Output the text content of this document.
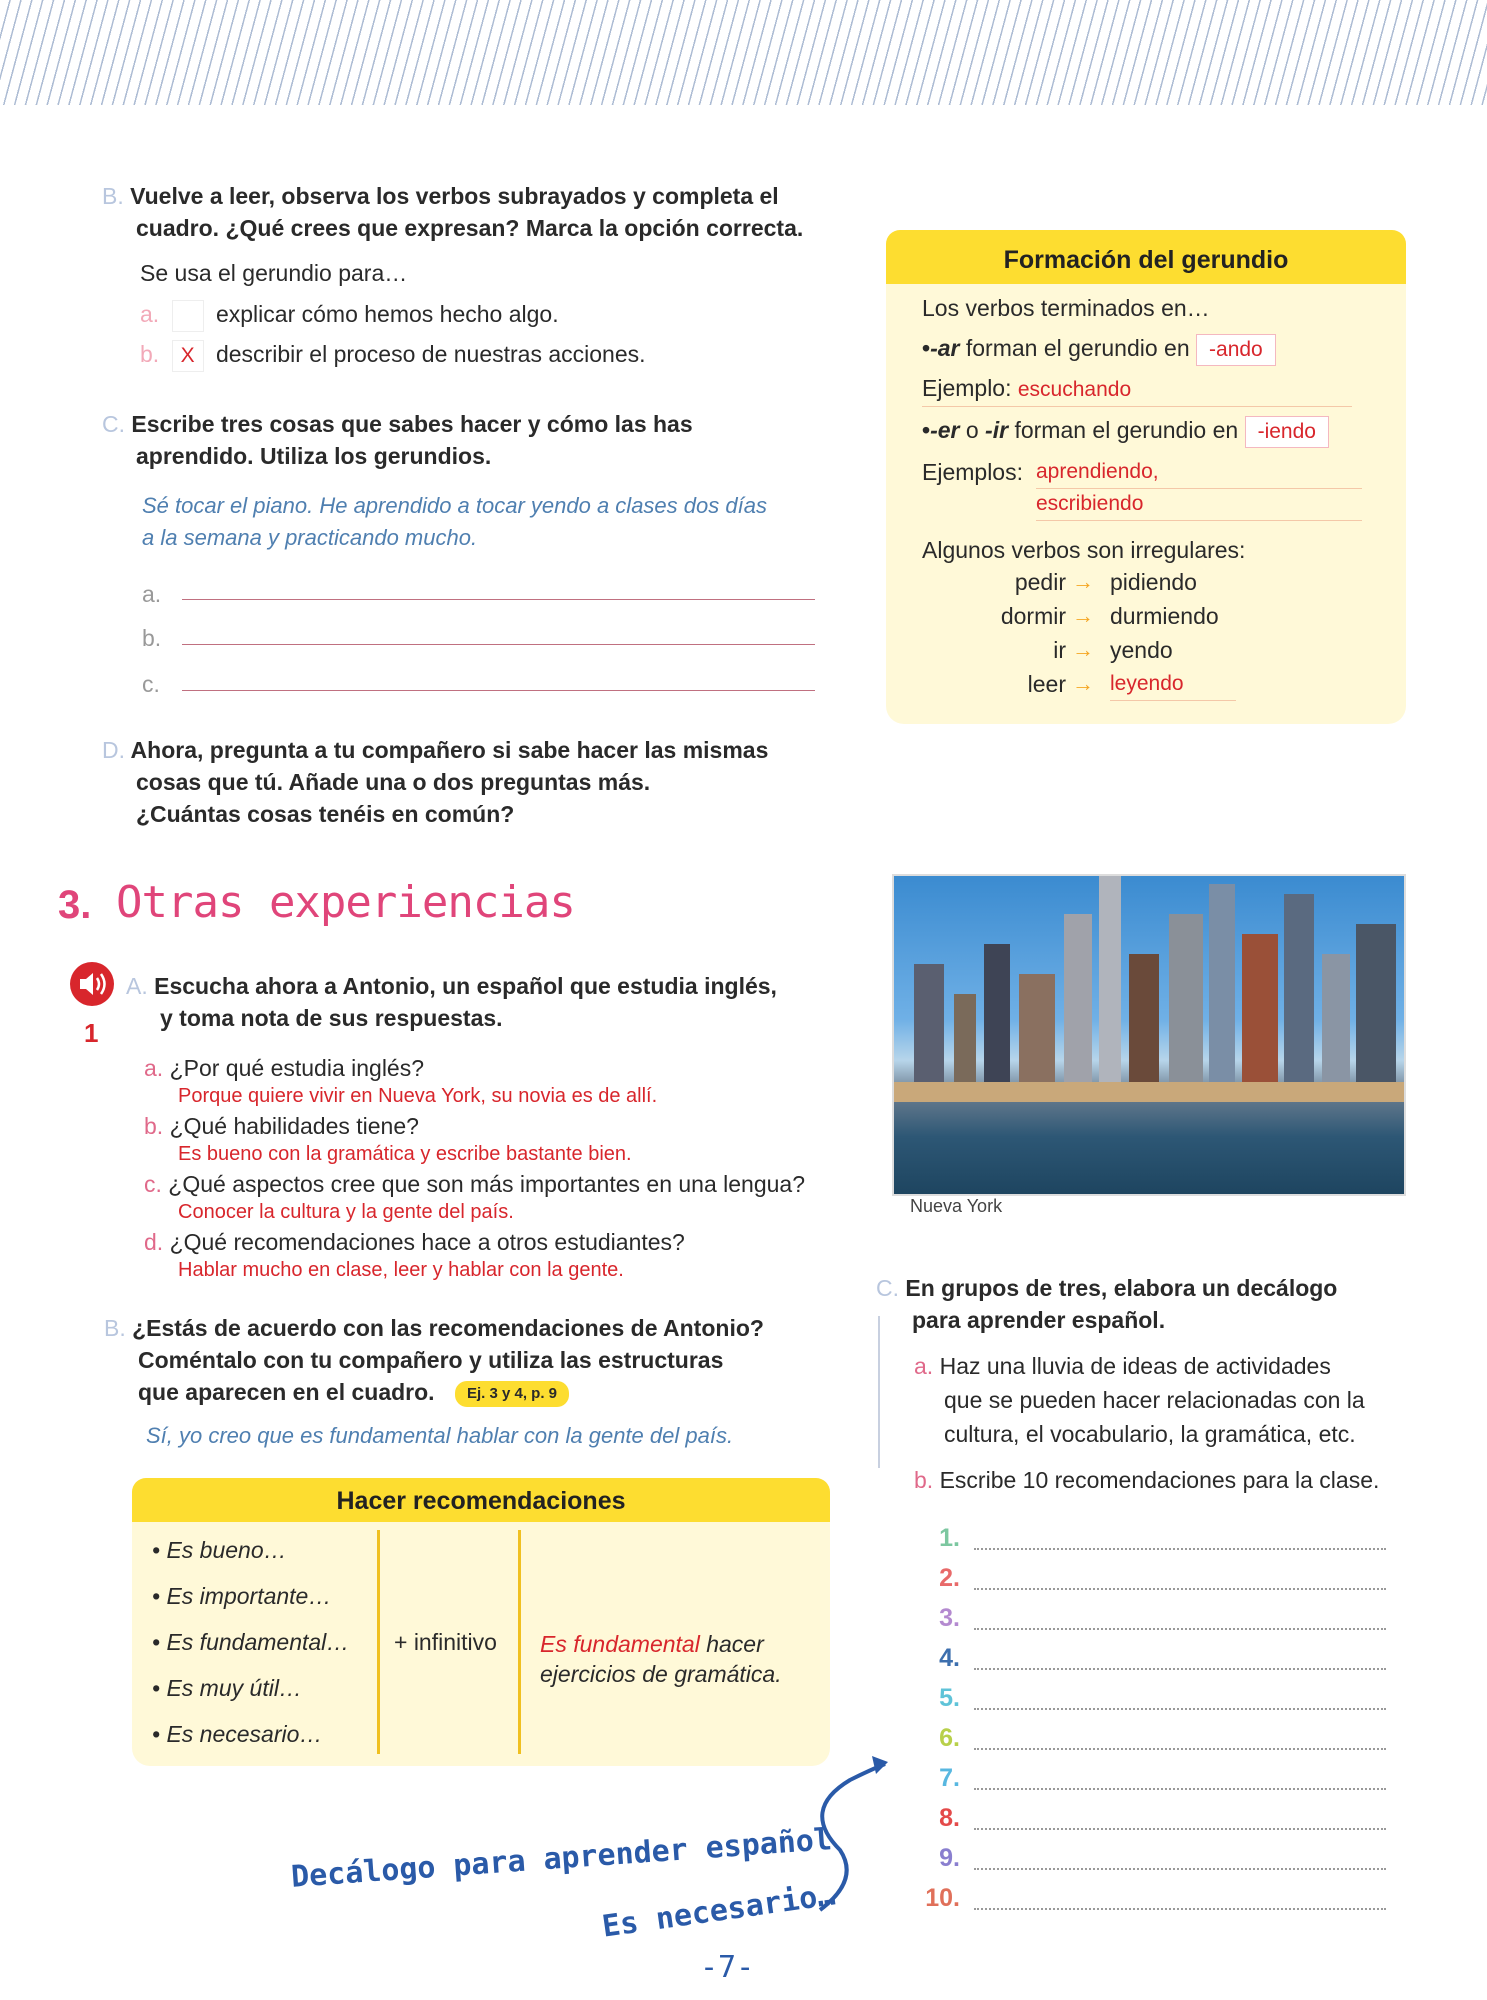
B. Vuelve a leer, observa los verbos subrayados y completa el
cuadro. ¿Qué crees que expresan? Marca la opción correcta.
Se usa el gerundio para…
a. explicar cómo hemos hecho algo.
b. X describir el proceso de nuestras acciones.
C. Escribe tres cosas que sabes hacer y cómo las has
aprendido. Utiliza los gerundios.
Sé tocar el piano. He aprendido a tocar yendo a clases dos días
a la semana y practicando mucho.
a.
b.
c.
D. Ahora, pregunta a tu compañero si sabe hacer las mismas
cosas que tú. Añade una o dos preguntas más.
¿Cuántas cosas tenéis en común?
Formación del gerundio
Los verbos terminados en…
•-ar forman el gerundio en -ando
Ejemplo: escuchando
•-er o -ir forman el gerundio en -iendo
Ejemplos: aprendiendo,
escribiendo
Algunos verbos son irregulares:
pedir → pidiendo
dormir → durmiendo
ir → yendo
leer → leyendo
3. Otras experiencias
1
A. Escucha ahora a Antonio, un español que estudia inglés,
y toma nota de sus respuestas.
a. ¿Por qué estudia inglés?
Porque quiere vivir en Nueva York, su novia es de allí.
b. ¿Qué habilidades tiene?
Es bueno con la gramática y escribe bastante bien.
c. ¿Qué aspectos cree que son más importantes en una lengua?
Conocer la cultura y la gente del país.
d. ¿Qué recomendaciones hace a otros estudiantes?
Hablar mucho en clase, leer y hablar con la gente.
B. ¿Estás de acuerdo con las recomendaciones de Antonio?
Coméntalo con tu compañero y utiliza las estructuras
que aparecen en el cuadro. Ej. 3 y 4, p. 9
Sí, yo creo que es fundamental hablar con la gente del país.
Hacer recomendaciones
• Es bueno…
• Es importante…
• Es fundamental…
• Es muy útil…
• Es necesario…
+ infinitivo Es fundamental hacer
ejercicios de gramática.
Nueva York
C. En grupos de tres, elabora un decálogo
para aprender español.
a. Haz una lluvia de ideas de actividades
que se pueden hacer relacionadas con la
cultura, el vocabulario, la gramática, etc.
b. Escribe 10 recomendaciones para la clase.
1.
2.
3.
4.
5.
6.
7.
8.
9.
10.
Decálogo para aprender español
Es necesario…
-7-
